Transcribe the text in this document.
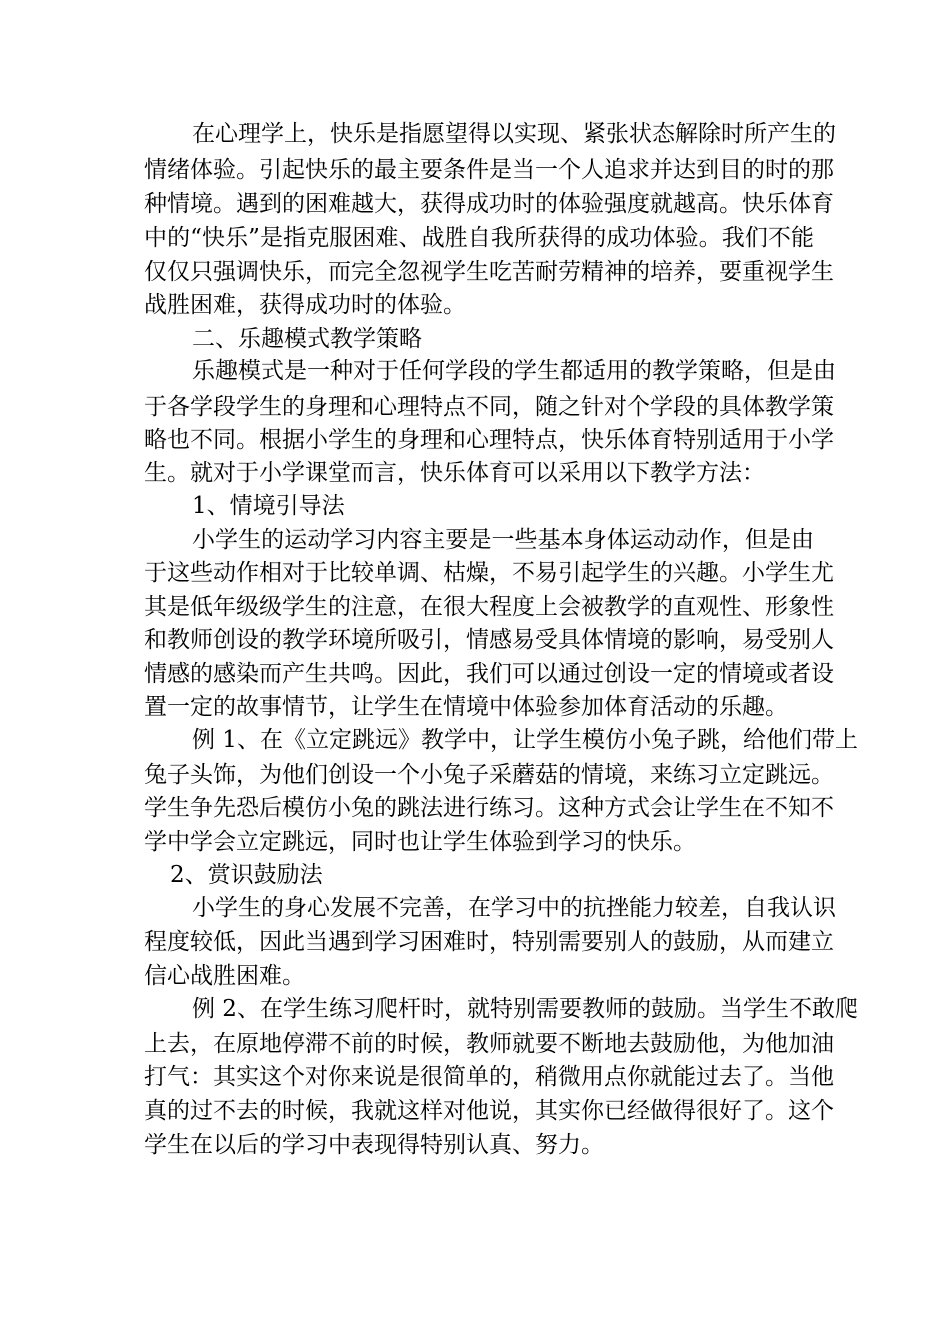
在心理学上，快乐是指愿望得以实现、紧张状态解除时所产生的

情绪体验。引起快乐的最主要条件是当一个人追求并达到目的时的那

种情境。遇到的困难越大，获得成功时的体验强度就越高。快乐体育

中的“快乐”是指克服困难、战胜自我所获得的成功体验。我们不能

仅仅只强调快乐，而完全忽视学生吃苦耐劳精神的培养，要重视学生

战胜困难，获得成功时的体验。

二、乐趣模式教学策略

乐趣模式是一种对于任何学段的学生都适用的教学策略，但是由

于各学段学生的身理和心理特点不同，随之针对个学段的具体教学策

略也不同。根据小学生的身理和心理特点，快乐体育特别适用于小学

生。就对于小学课堂而言，快乐体育可以采用以下教学方法：

1、情境引导法

小学生的运动学习内容主要是一些基本身体运动动作，但是由

于这些动作相对于比较单调、枯燥，不易引起学生的兴趣。小学生尤

其是低年级级学生的注意，在很大程度上会被教学的直观性、形象性

和教师创设的教学环境所吸引，情感易受具体情境的影响，易受别人

情感的感染而产生共鸣。因此，我们可以通过创设一定的情境或者设

置一定的故事情节，让学生在情境中体验参加体育活动的乐趣。

例 1、在《立定跳远》教学中，让学生模仿小兔子跳，给他们带上

兔子头饰，为他们创设一个小兔子采蘑菇的情境，来练习立定跳远。

学生争先恐后模仿小兔的跳法进行练习。这种方式会让学生在不知不

学中学会立定跳远，同时也让学生体验到学习的快乐。

2、赏识鼓励法

小学生的身心发展不完善，在学习中的抗挫能力较差，自我认识

程度较低，因此当遇到学习困难时，特别需要别人的鼓励，从而建立

信心战胜困难。

例 2、在学生练习爬杆时，就特别需要教师的鼓励。当学生不敢爬

上去，在原地停滞不前的时候，教师就要不断地去鼓励他，为他加油

打气：其实这个对你来说是很简单的，稍微用点你就能过去了。当他

真的过不去的时候，我就这样对他说，其实你已经做得很好了。这个

学生在以后的学习中表现得特别认真、努力。
